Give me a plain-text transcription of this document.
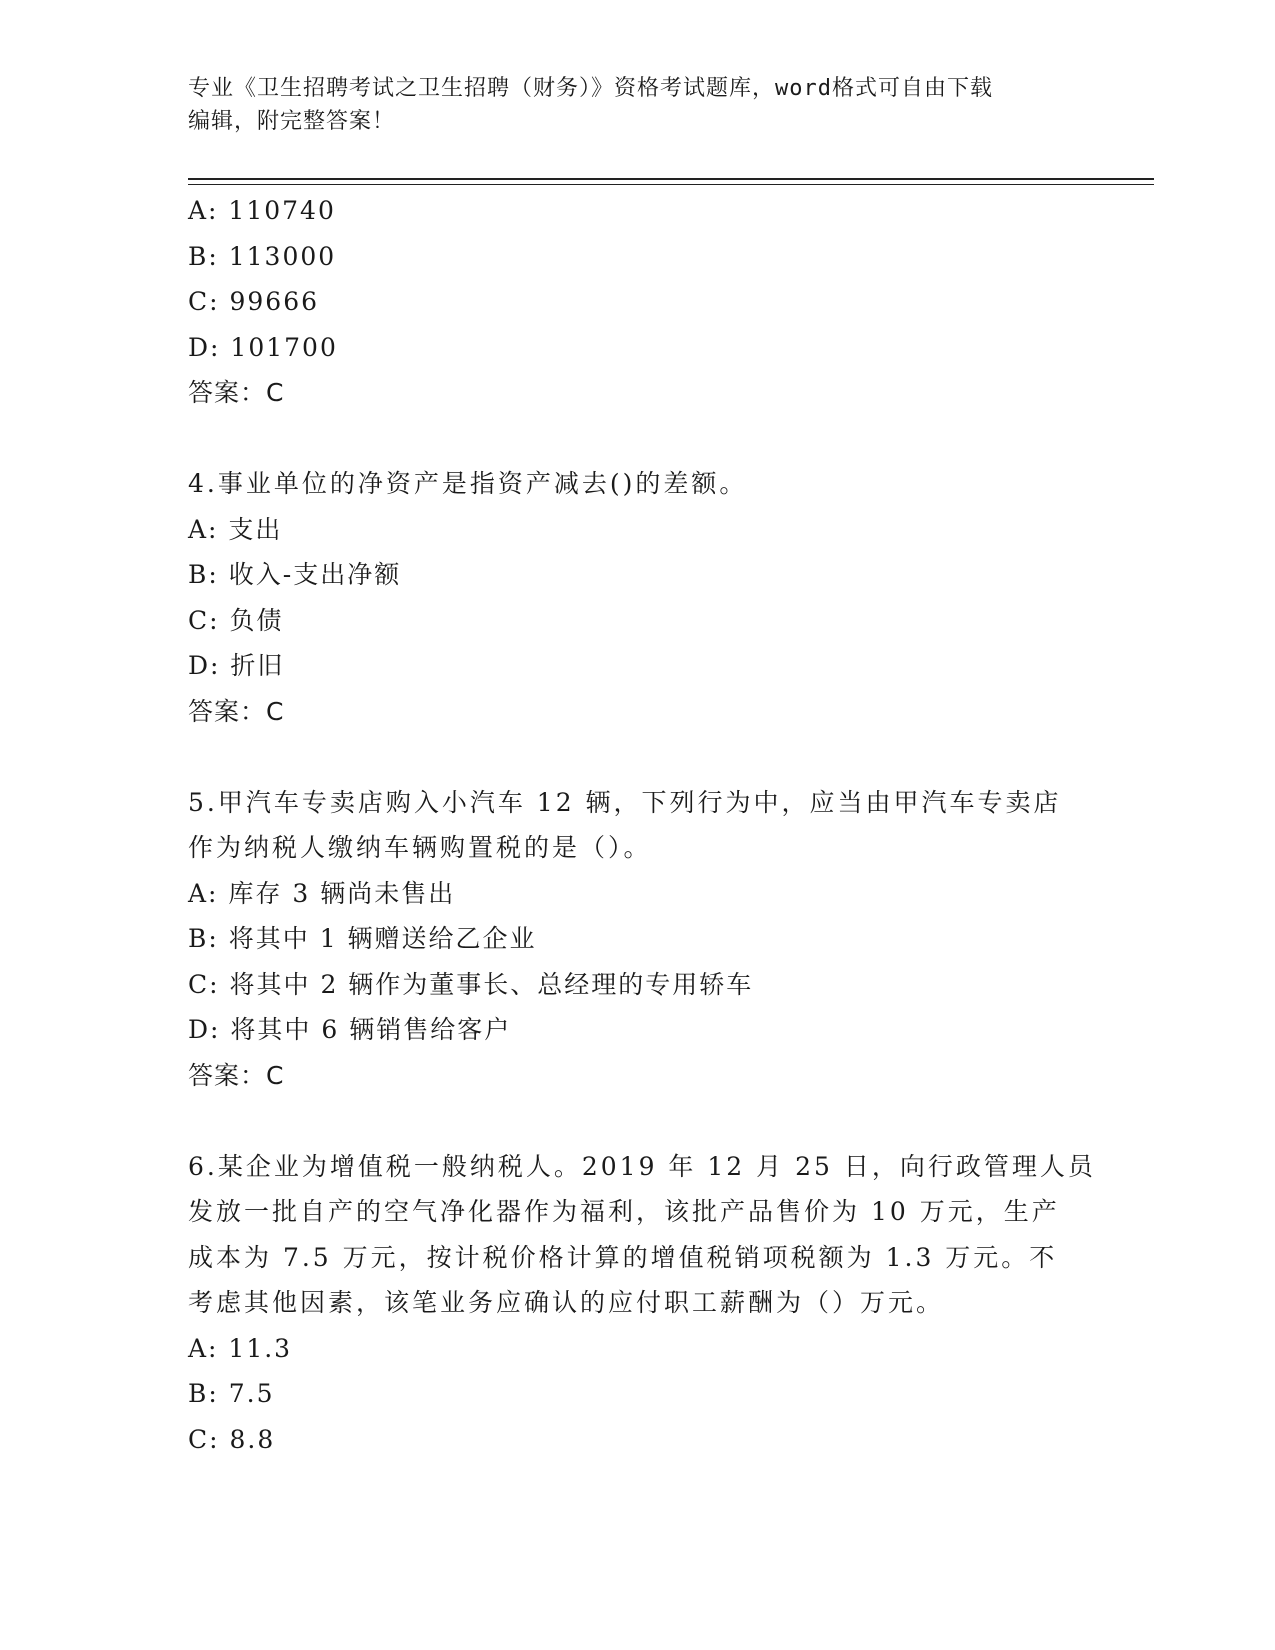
专业《卫生招聘考试之卫生招聘（财务）》资格考试题库，word格式可自由下载
编辑，附完整答案！
A: 110740
B: 113000
C: 99666
D: 101700
答案：C
4.事业单位的净资产是指资产减去()的差额。
A: 支出
B: 收入-支出净额
C: 负债
D: 折旧
答案：C
5.甲汽车专卖店购入小汽车 12 辆，下列行为中，应当由甲汽车专卖店
作为纳税人缴纳车辆购置税的是（）。
A: 库存 3 辆尚未售出
B: 将其中 1 辆赠送给乙企业
C: 将其中 2 辆作为董事长、总经理的专用轿车
D: 将其中 6 辆销售给客户
答案：C
6.某企业为增值税一般纳税人。2019 年 12 月 25 日，向行政管理人员
发放一批自产的空气净化器作为福利，该批产品售价为 10 万元，生产
成本为 7.5 万元，按计税价格计算的增值税销项税额为 1.3 万元。不
考虑其他因素，该笔业务应确认的应付职工薪酬为（）万元。
A: 11.3
B: 7.5
C: 8.8
